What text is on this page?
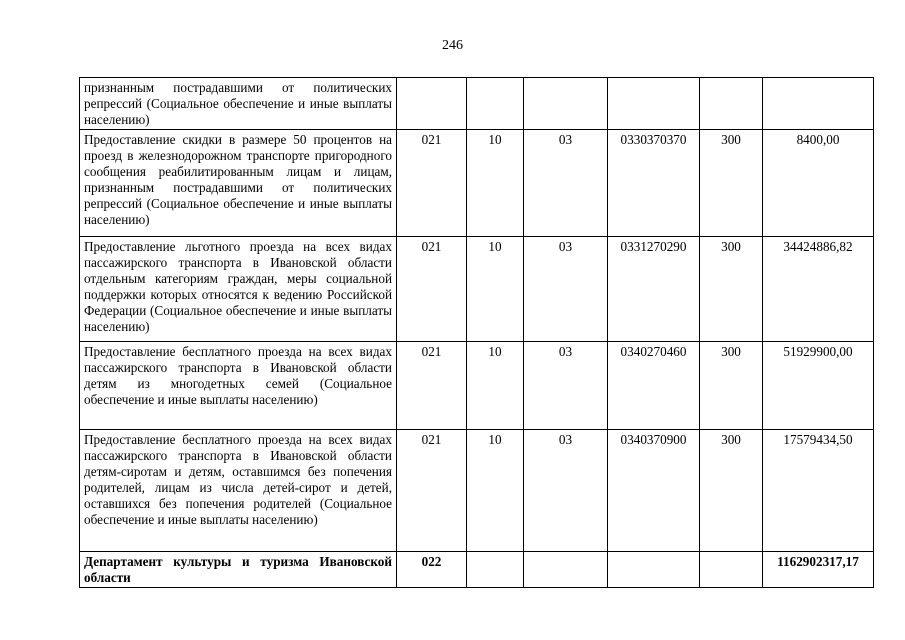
246
признанным пострадавшими от политических репрессий (Социальное обеспечение и иные выплаты населению)						
Предоставление скидки в размере 50 процентов на проезд в железнодорожном транспорте пригородного сообщения реабилитированным лицам и лицам, признанным пострадавшими от политических репрессий (Социальное обеспечение и иные выплаты населению)	021	10	03	0330370370	300	8400,00
Предоставление льготного проезда на всех видах пассажирского транспорта в Ивановской области отдельным категориям граждан, меры социальной поддержки которых относятся к ведению Российской Федерации (Социальное обеспечение и иные выплаты населению)	021	10	03	0331270290	300	34424886,82
Предоставление бесплатного проезда на всех видах пассажирского транспорта в Ивановской области детям из многодетных семей (Социальное обеспечение и иные выплаты населению)	021	10	03	0340270460	300	51929900,00
Предоставление бесплатного проезда на всех видах пассажирского транспорта в Ивановской области детям-сиротам и детям, оставшимся без попечения родителей, лицам из числа детей-сирот и детей, оставшихся без попечения родителей (Социальное обеспечение и иные выплаты населению)	021	10	03	0340370900	300	17579434,50
Департамент культуры и туризма Ивановской области	022					1162902317,17
